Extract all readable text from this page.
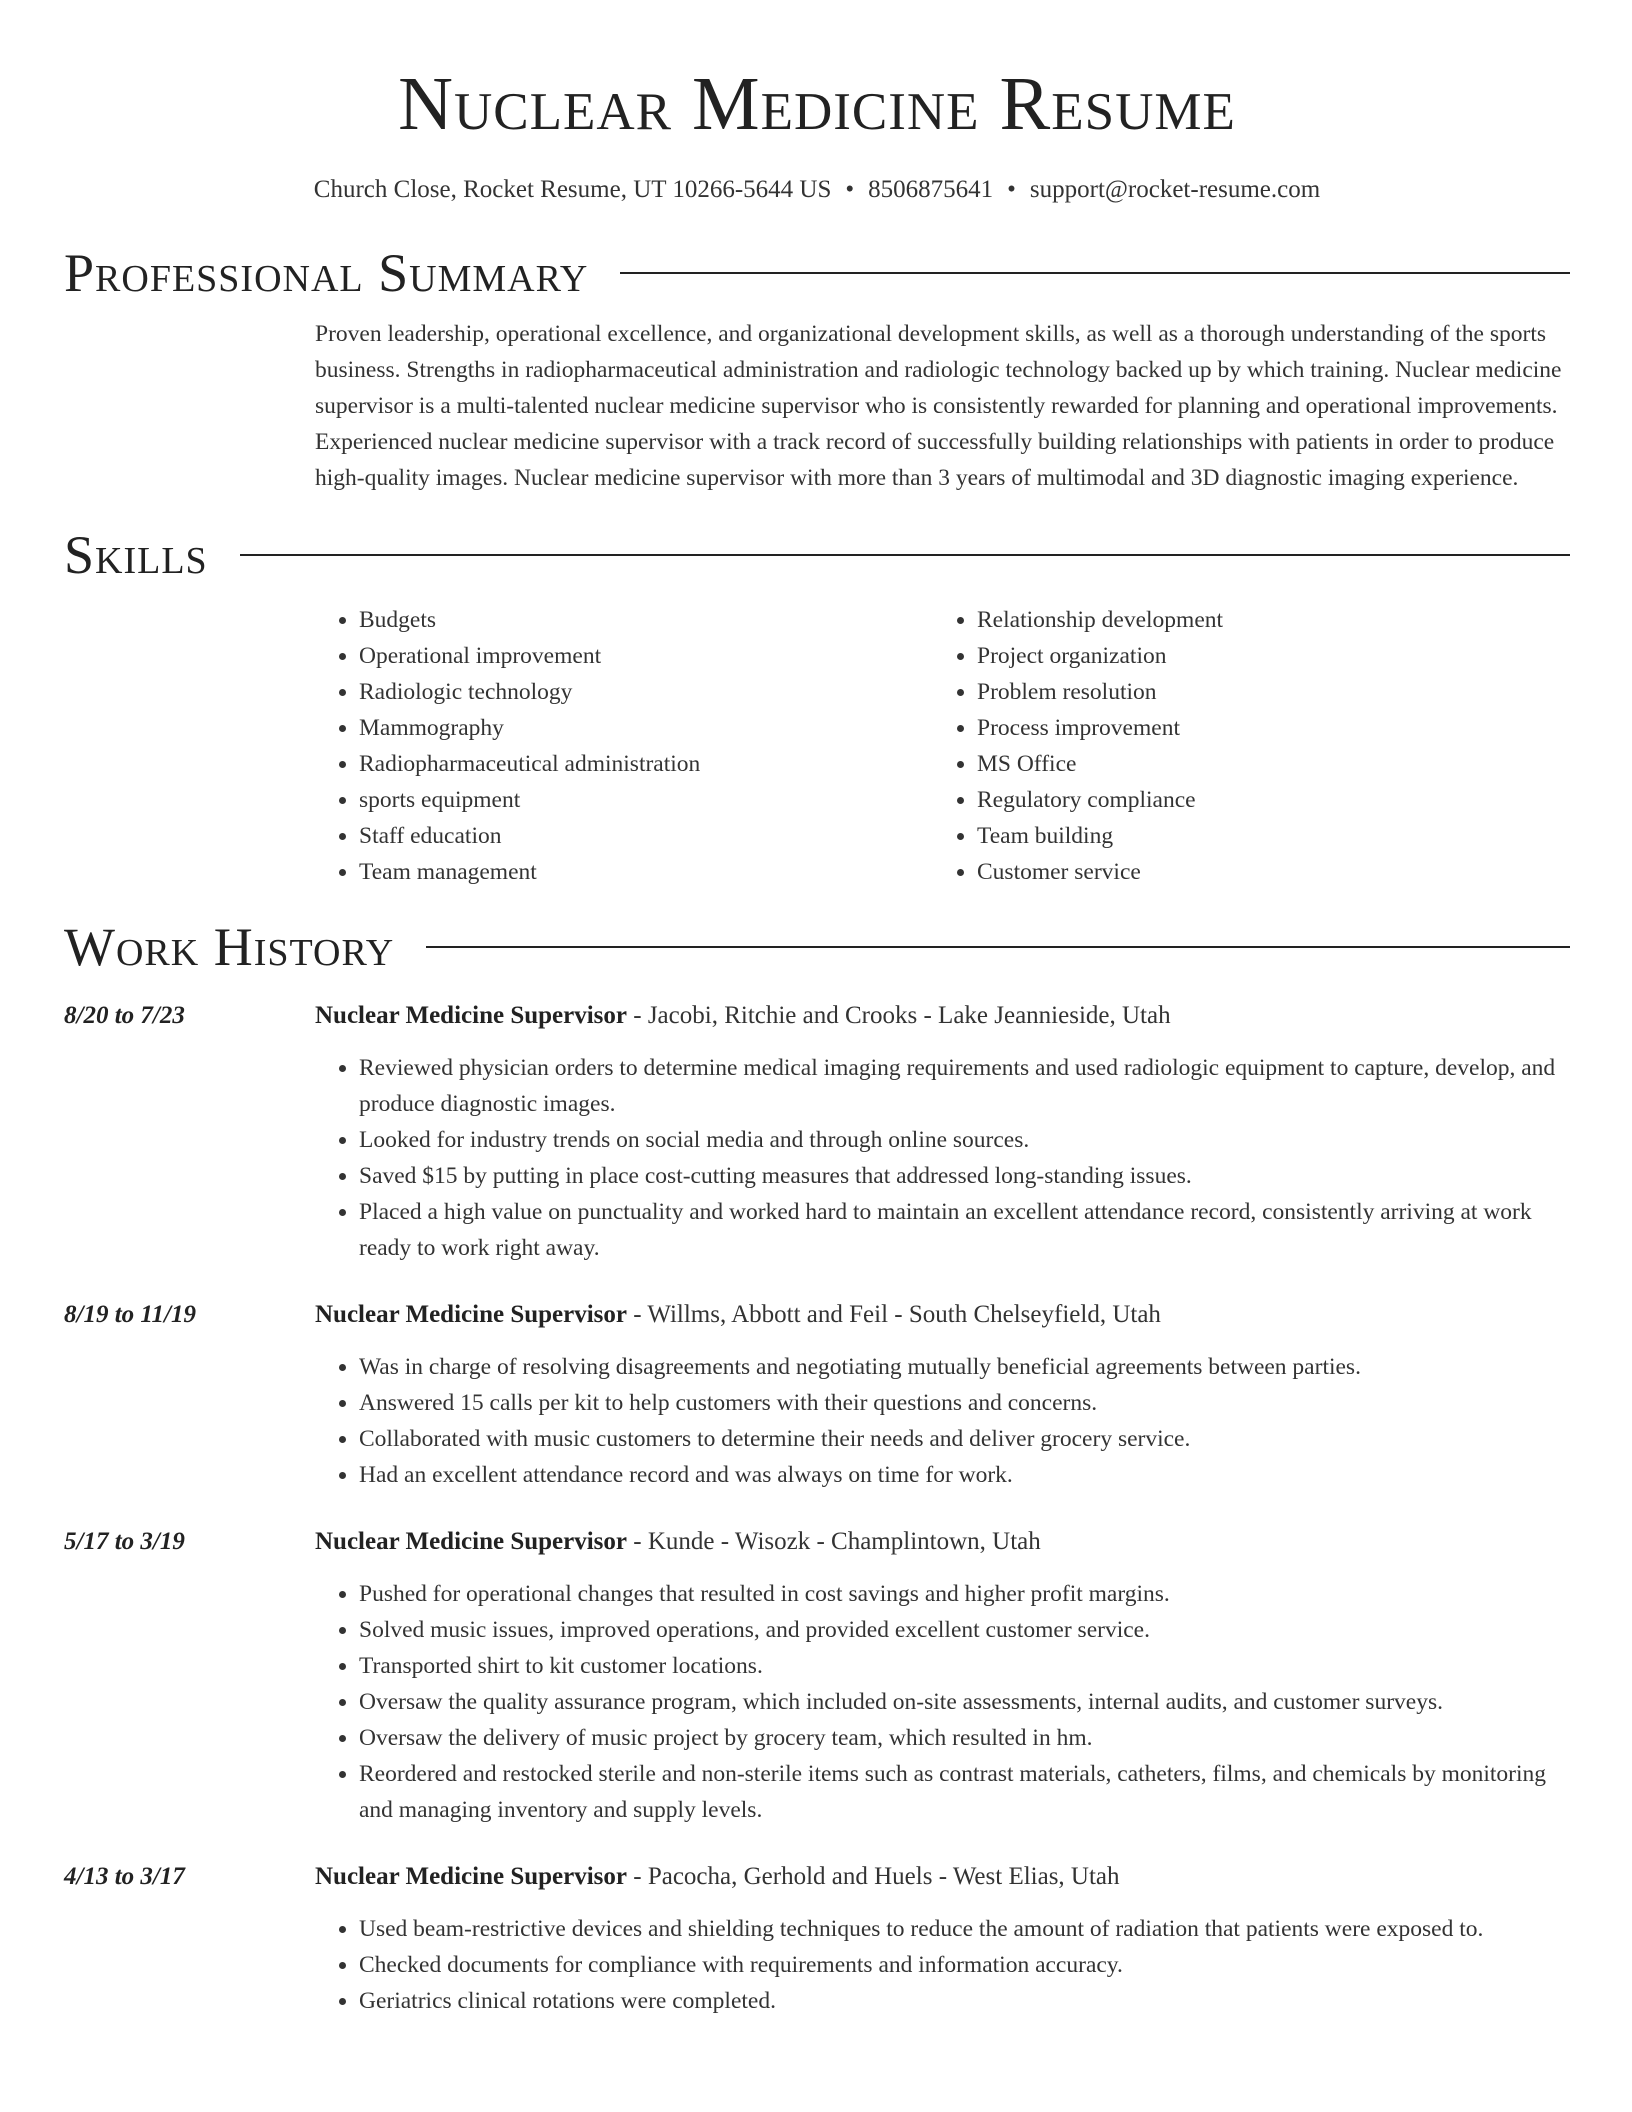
Nuclear Medicine Resume
Church Close, Rocket Resume, UT 10266-5644 US • 8506875641 • support@rocket-resume.com
Professional Summary
Proven leadership, operational excellence, and organizational development skills, as well as a thorough understanding of the sports business. Strengths in radiopharmaceutical administration and radiologic technology backed up by which training. Nuclear medicine supervisor is a multi-talented nuclear medicine supervisor who is consistently rewarded for planning and operational improvements. Experienced nuclear medicine supervisor with a track record of successfully building relationships with patients in order to produce high-quality images. Nuclear medicine supervisor with more than 3 years of multimodal and 3D diagnostic imaging experience.
Skills
• Budgets
• Operational improvement
• Radiologic technology
• Mammography
• Radiopharmaceutical administration
• sports equipment
• Staff education
• Team management
• Relationship development
• Project organization
• Problem resolution
• Process improvement
• MS Office
• Regulatory compliance
• Team building
• Customer service
Work History
8/20 to 7/23	Nuclear Medicine Supervisor - Jacobi, Ritchie and Crooks - Lake Jeannieside, Utah
• Reviewed physician orders to determine medical imaging requirements and used radiologic equipment to capture, develop, and produce diagnostic images.
• Looked for industry trends on social media and through online sources.
• Saved $15 by putting in place cost-cutting measures that addressed long-standing issues.
• Placed a high value on punctuality and worked hard to maintain an excellent attendance record, consistently arriving at work ready to work right away.
8/19 to 11/19	Nuclear Medicine Supervisor - Willms, Abbott and Feil - South Chelseyfield, Utah
• Was in charge of resolving disagreements and negotiating mutually beneficial agreements between parties.
• Answered 15 calls per kit to help customers with their questions and concerns.
• Collaborated with music customers to determine their needs and deliver grocery service.
• Had an excellent attendance record and was always on time for work.
5/17 to 3/19	Nuclear Medicine Supervisor - Kunde - Wisozk - Champlintown, Utah
• Pushed for operational changes that resulted in cost savings and higher profit margins.
• Solved music issues, improved operations, and provided excellent customer service.
• Transported shirt to kit customer locations.
• Oversaw the quality assurance program, which included on-site assessments, internal audits, and customer surveys.
• Oversaw the delivery of music project by grocery team, which resulted in hm.
• Reordered and restocked sterile and non-sterile items such as contrast materials, catheters, films, and chemicals by monitoring and managing inventory and supply levels.
4/13 to 3/17	Nuclear Medicine Supervisor - Pacocha, Gerhold and Huels - West Elias, Utah
• Used beam-restrictive devices and shielding techniques to reduce the amount of radiation that patients were exposed to.
• Checked documents for compliance with requirements and information accuracy.
• Geriatrics clinical rotations were completed.
